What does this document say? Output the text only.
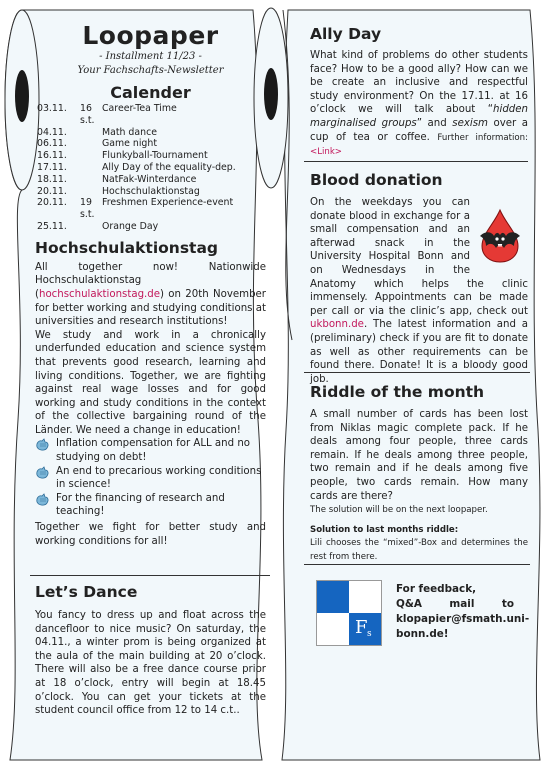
Loopaper
- Installment 11/23 -
Your Fachschafts-Newsletter
Calender
03.11.	16 s.t.	Career-Tea Time
04.11.		Math dance
06.11.		Game night
16.11.		Flunkyball-Tournament
17.11.		Ally Day of the equality-dep.
18.11.		NatFak-Winterdance
20.11.		Hochschulaktionstag
20.11.	19 s.t.	Freshmen Experience-event
25.11.		Orange Day
Hochschulaktionstag

All together now! Nationwide Hochschulaktionstag (hochschulaktionstag.de) on 20th November for better working and studying conditions at universities and research institutions!

We study and work in a chronically underfunded education and science system that prevents good research, learning and living conditions. Together, we are fighting against real wage losses and for good working and study conditions in the context of the collective bargaining round of the Länder. We need a change in education!

Inflation compensation for ALL and no studying on debt!
An end to precarious working conditions in science!
For the financing of research and teaching!

Together we fight for better study and working conditions for all!

Let’s Dance

You fancy to dress up and float across the dancefloor to nice music? On saturday, the 04.11., a winter prom is being organized at the aula of the main building at 20 o’clock. There will also be a free dance course prior at 18 o’clock, entry will begin at 18.45 o’clock. You can get your tickets at the student council office from 12 to 14 c.t..

Ally Day

What kind of problems do other students face? How to be a good ally? How can we be create an inclusive and respectful study environment? On the 17.11. at 16 o’clock we will talk about “hidden marginalised groups” and sexism over a cup of tea or coffee. Further information: <Link>

Blood donation

On the weekdays you can donate blood in exchange for a small compensation and an afterwad snack in the University Hospital Bonn and on Wednesdays in the Anatomy which helps the clinic immensely. Appointments can be made per call or via the clinic’s app, check out ukbonn.de. The latest information and a (preliminary) check if you are fit to donate as well as other requirements can be found there. Donate! It is a bloody good job.

Riddle of the month

A small number of cards has been lost from Niklas magic complete pack. If he deals among four people, three cards remain. If he deals among three people, two remain and if he deals among five people, two cards remain. How many cards are there?

The solution will be on the next loopaper.

Solution to last months riddle:

Lili chooses the “mixed”-Box and determines the rest from there.

F s
For feedback,
Q&A mail to
klopapier@fsmath.uni-
bonn.de!
